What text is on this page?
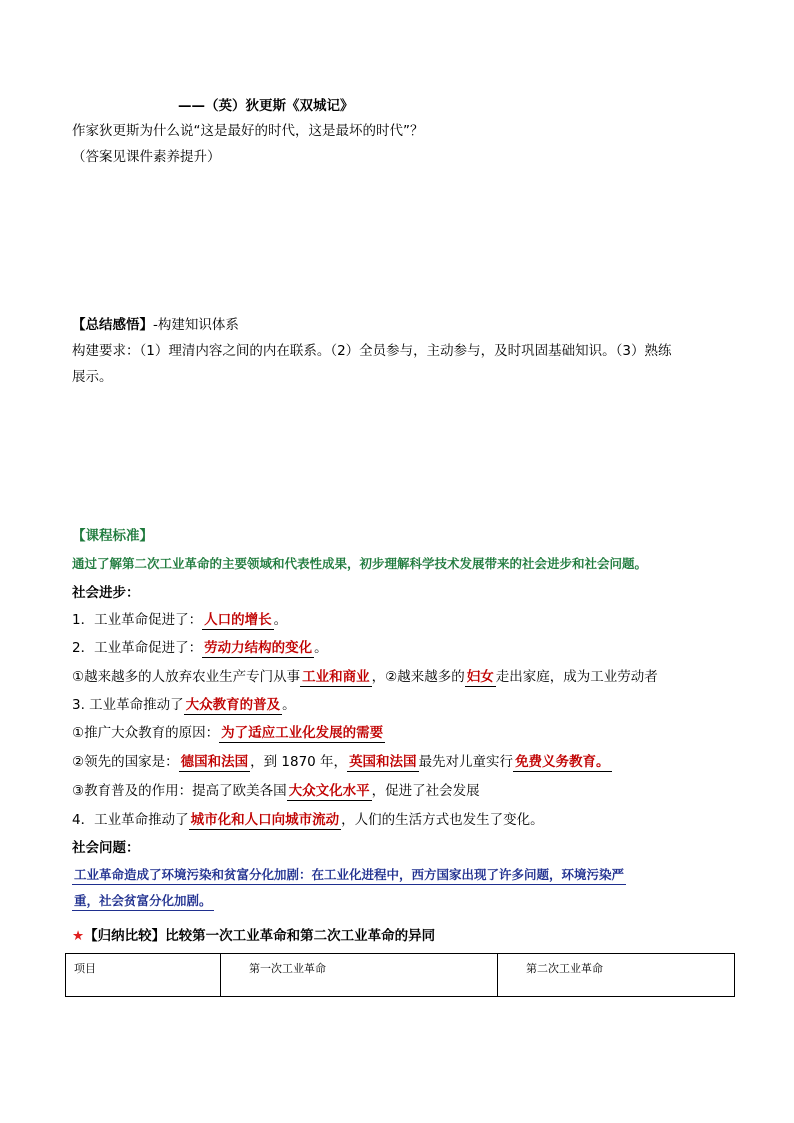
——（英）狄更斯《双城记》
作家狄更斯为什么说“这是最好的时代，这是最坏的时代”？
（答案见课件素养提升）
【总结感悟】-构建知识体系
构建要求：（1）理清内容之间的内在联系。（2）全员参与，主动参与，及时巩固基础知识。（3）熟练
展示。
【课程标准】
通过了解第二次工业革命的主要领域和代表性成果，初步理解科学技术发展带来的社会进步和社会问题。
社会进步：
1．工业革命促进了： 人口的增长 。
2．工业革命促进了： 劳动力结构的变化 。
①越来越多的人放弃农业生产专门从事 工业和商业 ，②越来越多的 妇女 走出家庭，成为工业劳动者
3. 工业革命推动了 大众教育的普及 。
①推广大众教育的原因： 为了适应工业化发展的需要
②领先的国家是： 德国和法国 ，到 1870 年， 英国和法国 最先对儿童实行 免费义务教育。
③教育普及的作用：提高了欧美各国 大众文化水平 ，促进了社会发展
4．工业革命推动了 城市化和人口向城市流动 ，人们的生活方式也发生了变化。
社会问题：
工业革命造成了环境污染和贫富分化加剧：在工业化进程中，西方国家出现了许多问题，环境污染严
重，社会贫富分化加剧。
★【归纳比较】比较第一次工业革命和第二次工业革命的异同
项目	第一次工业革命	第二次工业革命
